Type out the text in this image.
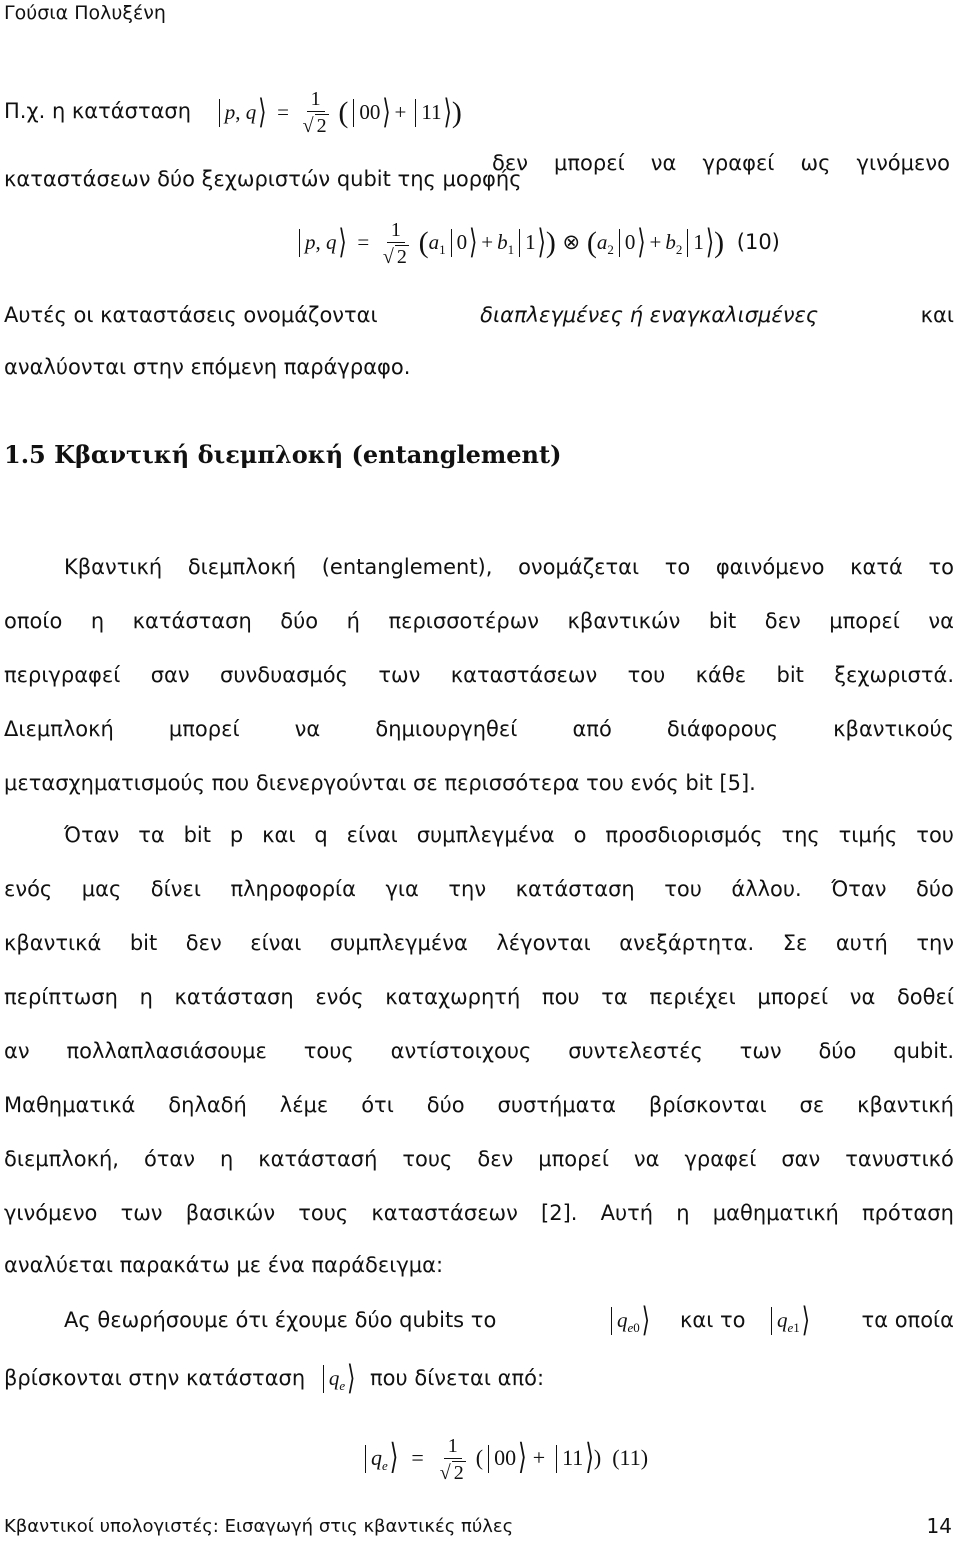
Γούσια Πολυξένη
Π.χ. η κατάσταση p, q⟩ = $\frac{1}{√ 2}$ ( 00⟩ + 11⟩)
δεν μπορεί να γραφεί ως γινόμενο
καταστάσεων δύο ξεχωριστών qubit της μορφής
p, q⟩ = $\frac{1}{√ 2} (a_1$ 0⟩ + $b_1$ 1⟩) ⊗ ($a_2$ 0⟩ + $b_2$ 1⟩) (10)
Αυτές οι καταστάσεις ονομάζονται	διαπλεγμένες ή εναγκαλισμένες	και
αναλύονται στην επόμενη παράγραφο.
1.5 Κβαντική διεμπλοκή (entanglement)
Κβαντική διεμπλοκή (entanglement), ονομάζεται το φαινόμενο κατά το
οποίο η κατάσταση δύο ή περισσοτέρων κβαντικών bit δεν μπορεί να
περιγραφεί σαν συνδυασμός των καταστάσεων του κάθε bit ξεχωριστά.
Διεμπλοκή	μπορεί	να	δημιουργηθεί	από	διάφορους	κβαντικούς
μετασχηματισμούς που διενεργούνται σε περισσότερα του ενός bit [5].
Όταν τα bit p και q είναι συμπλεγμένα ο προσδιορισμός της τιμής του
ενός μας δίνει πληροφορία για την κατάσταση του άλλου. Όταν δύο
κβαντικά bit δεν είναι συμπλεγμένα λέγονται ανεξάρτητα. Σε αυτή την
περίπτωση η κατάσταση ενός καταχωρητή που τα περιέχει μπορεί να δοθεί
αν πολλαπλασιάσουμε τους αντίστοιχους συντελεστές των δύο qubit.
Μαθηματικά δηλαδή λέμε ότι δύο συστήματα βρίσκονται σε κβαντική
διεμπλοκή, όταν η κατάστασή τους δεν μπορεί να γραφεί σαν τανυστικό
γινόμενο των βασικών τους καταστάσεων [2]. Αυτή η μαθηματική πρόταση
αναλύεται παρακάτω με ένα παράδειγμα:
Ας θεωρήσουμε ότι έχουμε δύο qubits το	$q_{e0}⟩$ και το	$q_{e1}⟩$ τα οποία
βρίσκονται στην κατάσταση $q_e⟩$ που δίνεται από:
$q_e⟩ = \frac{1}{√ 2}$ ( 00⟩ + 11⟩) (11)
Κβαντικοί υπολογιστές: Εισαγωγή στις κβαντικές πύλες	14
